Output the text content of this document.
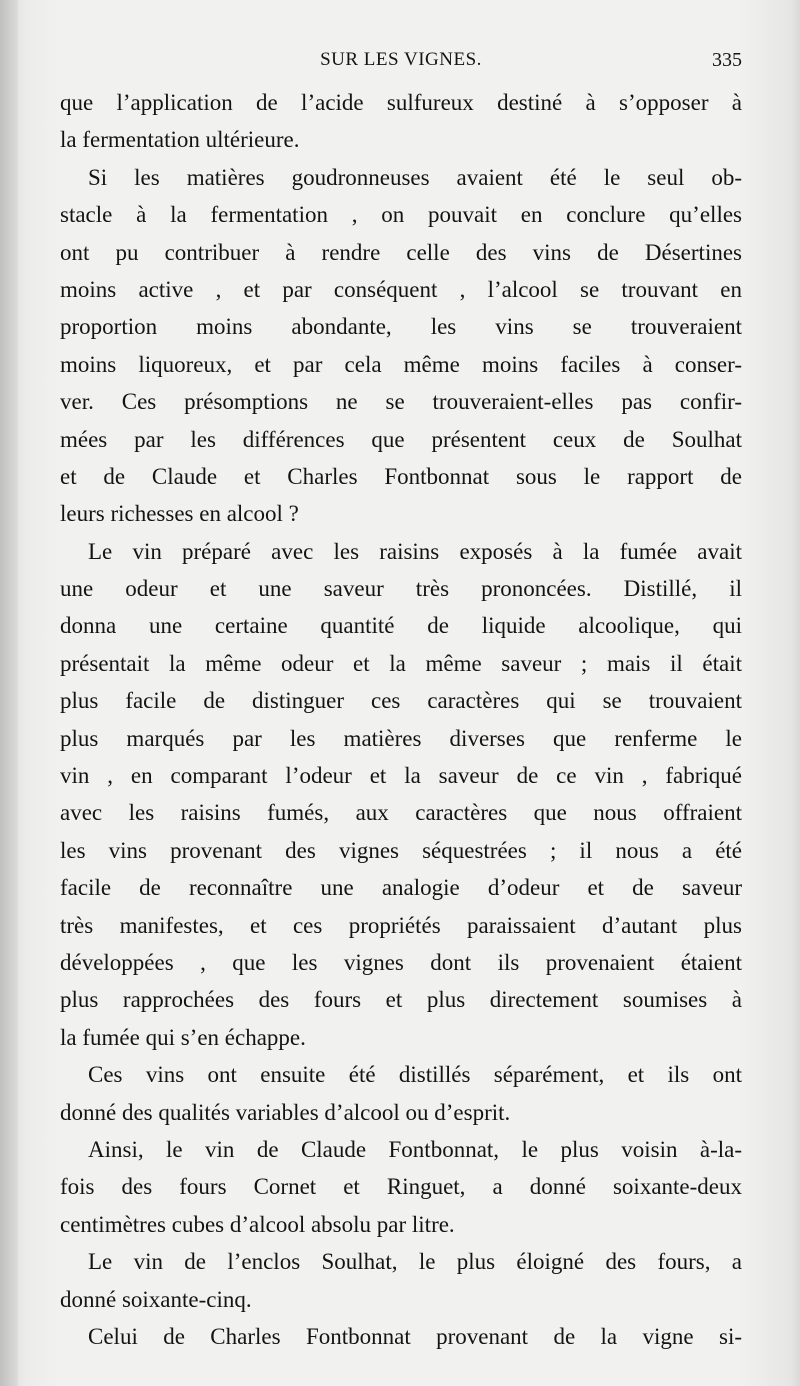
SUR LES VIGNES.	335
que l’application de l’acide sulfureux destiné à s’opposer à
la fermentation ultérieure.
Si les matières goudronneuses avaient été le seul ob-
stacle à la fermentation , on pouvait en conclure qu’elles
ont pu contribuer à rendre celle des vins de Désertines
moins active , et par conséquent , l’alcool se trouvant en
proportion moins abondante, les vins se trouveraient
moins liquoreux, et par cela même moins faciles à conser-
ver. Ces présomptions ne se trouveraient-elles pas confir-
mées par les différences que présentent ceux de Soulhat
et de Claude et Charles Fontbonnat sous le rapport de
leurs richesses en alcool ?
Le vin préparé avec les raisins exposés à la fumée avait
une odeur et une saveur très prononcées. Distillé, il
donna une certaine quantité de liquide alcoolique, qui
présentait la même odeur et la même saveur ; mais il était
plus facile de distinguer ces caractères qui se trouvaient
plus marqués par les matières diverses que renferme le
vin , en comparant l’odeur et la saveur de ce vin , fabriqué
avec les raisins fumés, aux caractères que nous offraient
les vins provenant des vignes séquestrées ; il nous a été
facile de reconnaître une analogie d’odeur et de saveur
très manifestes, et ces propriétés paraissaient d’autant plus
développées , que les vignes dont ils provenaient étaient
plus rapprochées des fours et plus directement soumises à
la fumée qui s’en échappe.
Ces vins ont ensuite été distillés séparément, et ils ont
donné des qualités variables d’alcool ou d’esprit.
Ainsi, le vin de Claude Fontbonnat, le plus voisin à-la-
fois des fours Cornet et Ringuet, a donné soixante-deux
centimètres cubes d’alcool absolu par litre.
Le vin de l’enclos Soulhat, le plus éloigné des fours, a
donné soixante-cinq.
Celui de Charles Fontbonnat provenant de la vigne si-
